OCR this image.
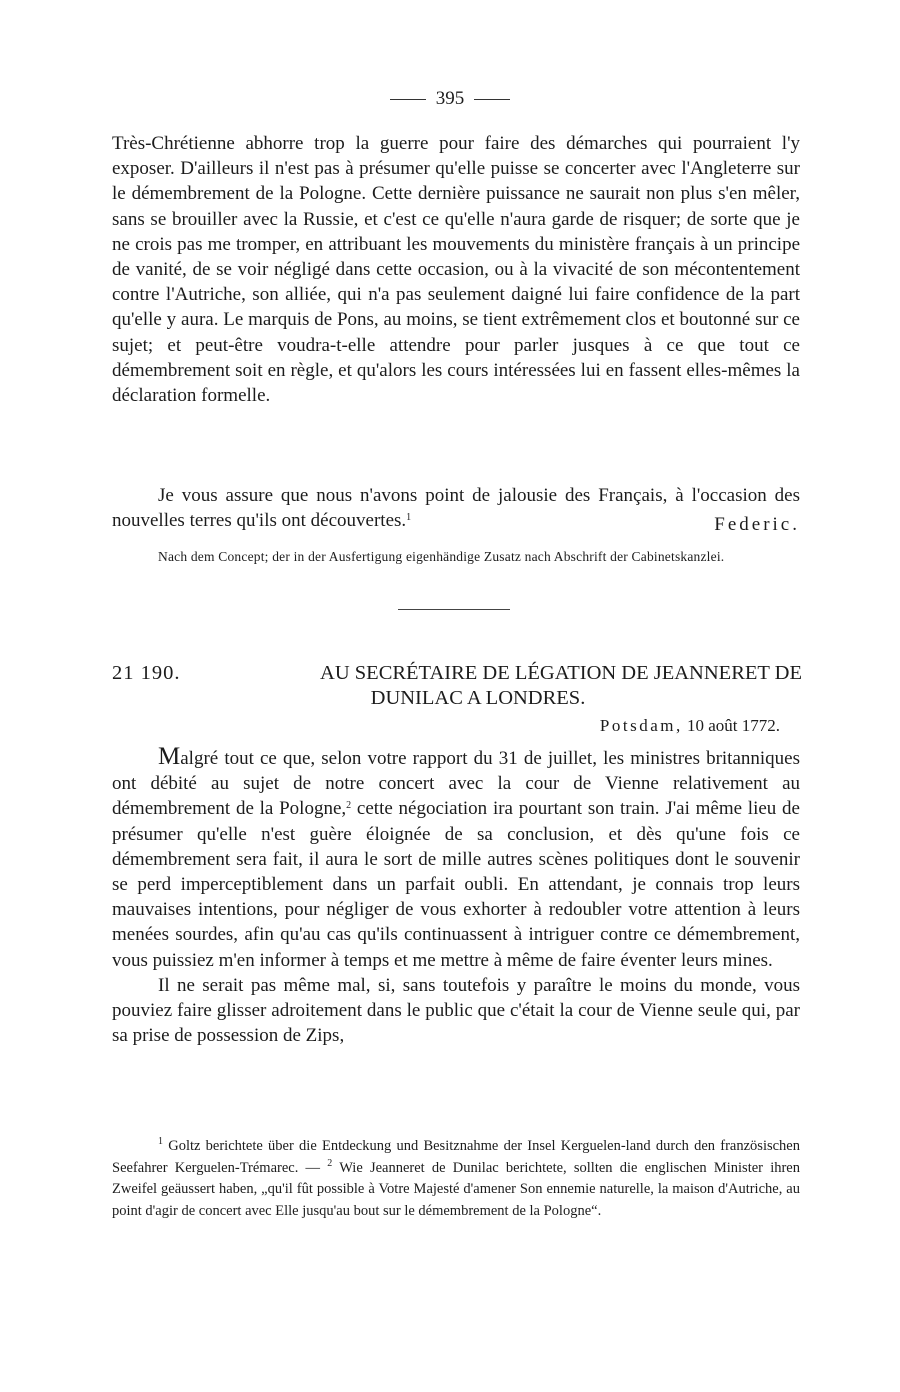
395

Très-Chrétienne abhorre trop la guerre pour faire des démarches qui pourraient l'y exposer. D'ailleurs il n'est pas à présumer qu'elle puisse se concerter avec l'Angleterre sur le démembrement de la Pologne. Cette dernière puissance ne saurait non plus s'en mêler, sans se brouiller avec la Russie, et c'est ce qu'elle n'aura garde de risquer; de sorte que je ne crois pas me tromper, en attribuant les mouvements du ministère français à un principe de vanité, de se voir négligé dans cette occasion, ou à la vivacité de son mécontentement contre l'Autriche, son alliée, qui n'a pas seulement daigné lui faire confidence de la part qu'elle y aura. Le marquis de Pons, au moins, se tient extrêmement clos et boutonné sur ce sujet; et peut-être voudra-t-elle attendre pour parler jusques à ce que tout ce démembrement soit en règle, et qu'alors les cours intéressées lui en fassent elles-mêmes la déclaration formelle.

Je vous assure que nous n'avons point de jalousie des Français, à l'occasion des nouvelles terres qu'ils ont découvertes.$^1$	Federic.

Nach dem Concept; der in der Ausfertigung eigenhändige Zusatz nach Abschrift der Cabinetskanzlei.

21 190.	AU SECRÉTAIRE DE LÉGATION DE JEANNERET DE
DUNILAC A LONDRES.
Potsdam, 10 août 1772.

Malgré tout ce que, selon votre rapport du 31 de juillet, les ministres britanniques ont débité au sujet de notre concert avec la cour de Vienne relativement au démembrement de la Pologne,$^2$ cette négociation ira pourtant son train. J'ai même lieu de présumer qu'elle n'est guère éloignée de sa conclusion, et dès qu'une fois ce démembrement sera fait, il aura le sort de mille autres scènes politiques dont le souvenir se perd imperceptiblement dans un parfait oubli. En attendant, je connais trop leurs mauvaises intentions, pour négliger de vous exhorter à redoubler votre attention à leurs menées sourdes, afin qu'au cas qu'ils continuassent à intriguer contre ce démembrement, vous puissiez m'en informer à temps et me mettre à même de faire éventer leurs mines.

Il ne serait pas même mal, si, sans toutefois y paraître le moins du monde, vous pouviez faire glisser adroitement dans le public que c'était la cour de Vienne seule qui, par sa prise de possession de Zips,

$^1$ Goltz berichtete über die Entdeckung und Besitznahme der Insel Kerguelen-land durch den französischen Seefahrer Kerguelen-Trémarec. — $^2$ Wie Jeanneret de Dunilac berichtete, sollten die englischen Minister ihren Zweifel geäussert haben, „qu'il fût possible à Votre Majesté d'amener Son ennemie naturelle, la maison d'Autriche, au point d'agir de concert avec Elle jusqu'au bout sur le démembrement de la Pologne“.
